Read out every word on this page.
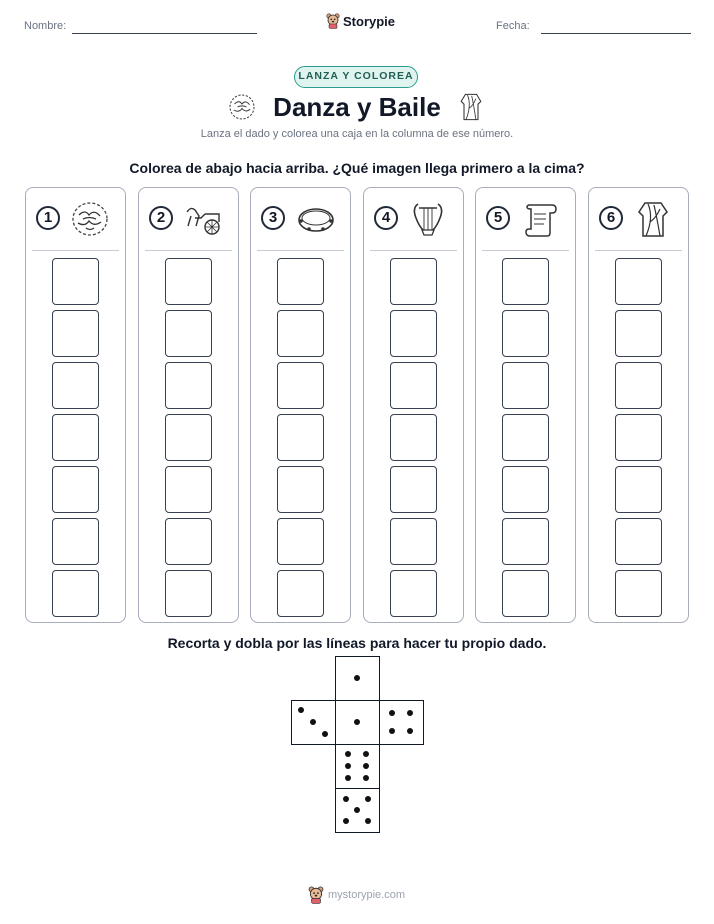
Nombre:	Storypie	Fecha:
LANZA Y COLOREA
Danza y Baile
Lanza el dado y colorea una caja en la columna de ese número.
Colorea de abajo hacia arriba. ¿Qué imagen llega primero a la cima?
1	2	3	4	5	6
Recorta y dobla por las líneas para hacer tu propio dado.
mystorypie.com
